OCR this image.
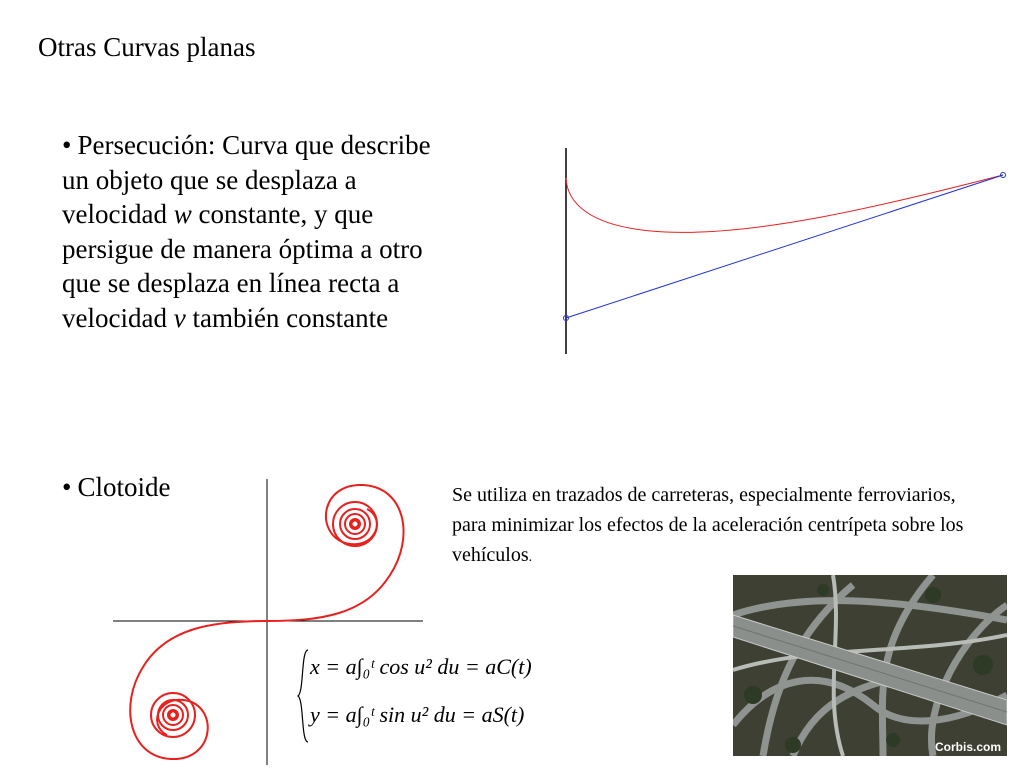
Otras Curvas planas
• Persecución: Curva que describe
un objeto que se desplaza a
velocidad w constante, y que
persigue de manera óptima a otro
que se desplaza en línea recta a
velocidad v también constante
• Clotoide
x = a∫₀ᵗ cos u² du = aC(t)
y = a∫₀ᵗ sin u² du = aS(t)
Se utiliza en trazados de carreteras, especialmente ferroviarios, para minimizar los efectos de la aceleración centrípeta sobre los vehículos.
Corbis.com
